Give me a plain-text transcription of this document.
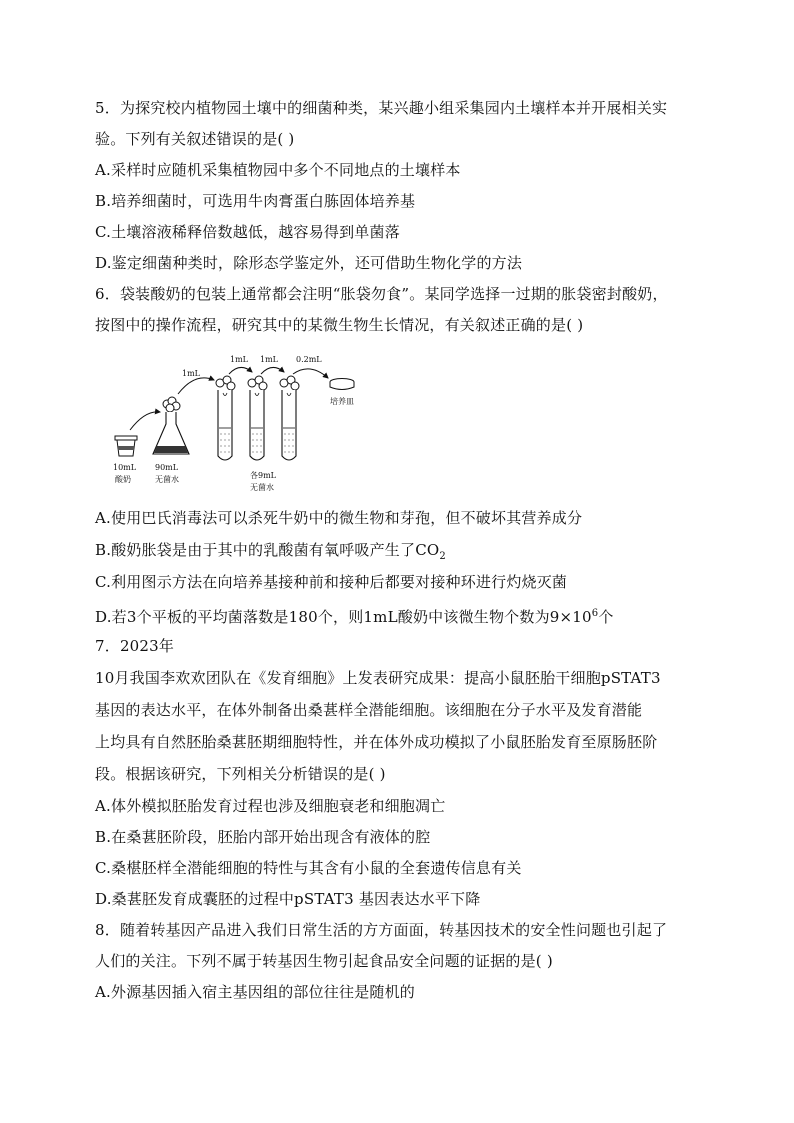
5．为探究校内植物园土壤中的细菌种类，某兴趣小组采集园内土壤样本并开展相关实
验。下列有关叙述错误的是( )
A.采样时应随机采集植物园中多个不同地点的土壤样本
B.培养细菌时，可选用牛肉膏蛋白胨固体培养基
C.土壤溶液稀释倍数越低，越容易得到单菌落
D.鉴定细菌种类时，除形态学鉴定外，还可借助生物化学的方法
6．袋装酸奶的包装上通常都会注明“胀袋勿食”。某同学选择一过期的胀袋密封酸奶，
按图中的操作流程，研究其中的某微生物生长情况，有关叙述正确的是( )
10mL
酸奶
90mL
无菌水
1mL
1mL 1mL
各9mL
无菌水
0.2mL
培养皿
A.使用巴氏消毒法可以杀死牛奶中的微生物和芽孢，但不破坏其营养成分
B.酸奶胀袋是由于其中的乳酸菌有氧呼吸产生了$CO_2$
C.利用图示方法在向培养基接种前和接种后都要对接种环进行灼烧灭菌
D.若3个平板的平均菌落数是180个，则1mL酸奶中该微生物个数为$9\times 10^6$个
7．2023年
10月我国李欢欢团队在《发育细胞》上发表研究成果：提高小鼠胚胎干细胞pSTAT3
基因的表达水平，在体外制备出桑葚样全潜能细胞。该细胞在分子水平及发育潜能
上均具有自然胚胎桑葚胚期细胞特性，并在体外成功模拟了小鼠胚胎发育至原肠胚阶
段。根据该研究，下列相关分析错误的是( )
A.体外模拟胚胎发育过程也涉及细胞衰老和细胞凋亡
B.在桑葚胚阶段，胚胎内部开始出现含有液体的腔
C.桑椹胚样全潜能细胞的特性与其含有小鼠的全套遗传信息有关
D.桑葚胚发育成囊胚的过程中pSTAT3 基因表达水平下降
8．随着转基因产品进入我们日常生活的方方面面，转基因技术的安全性问题也引起了
人们的关注。下列不属于转基因生物引起食品安全问题的证据的是( )
A.外源基因插入宿主基因组的部位往往是随机的
